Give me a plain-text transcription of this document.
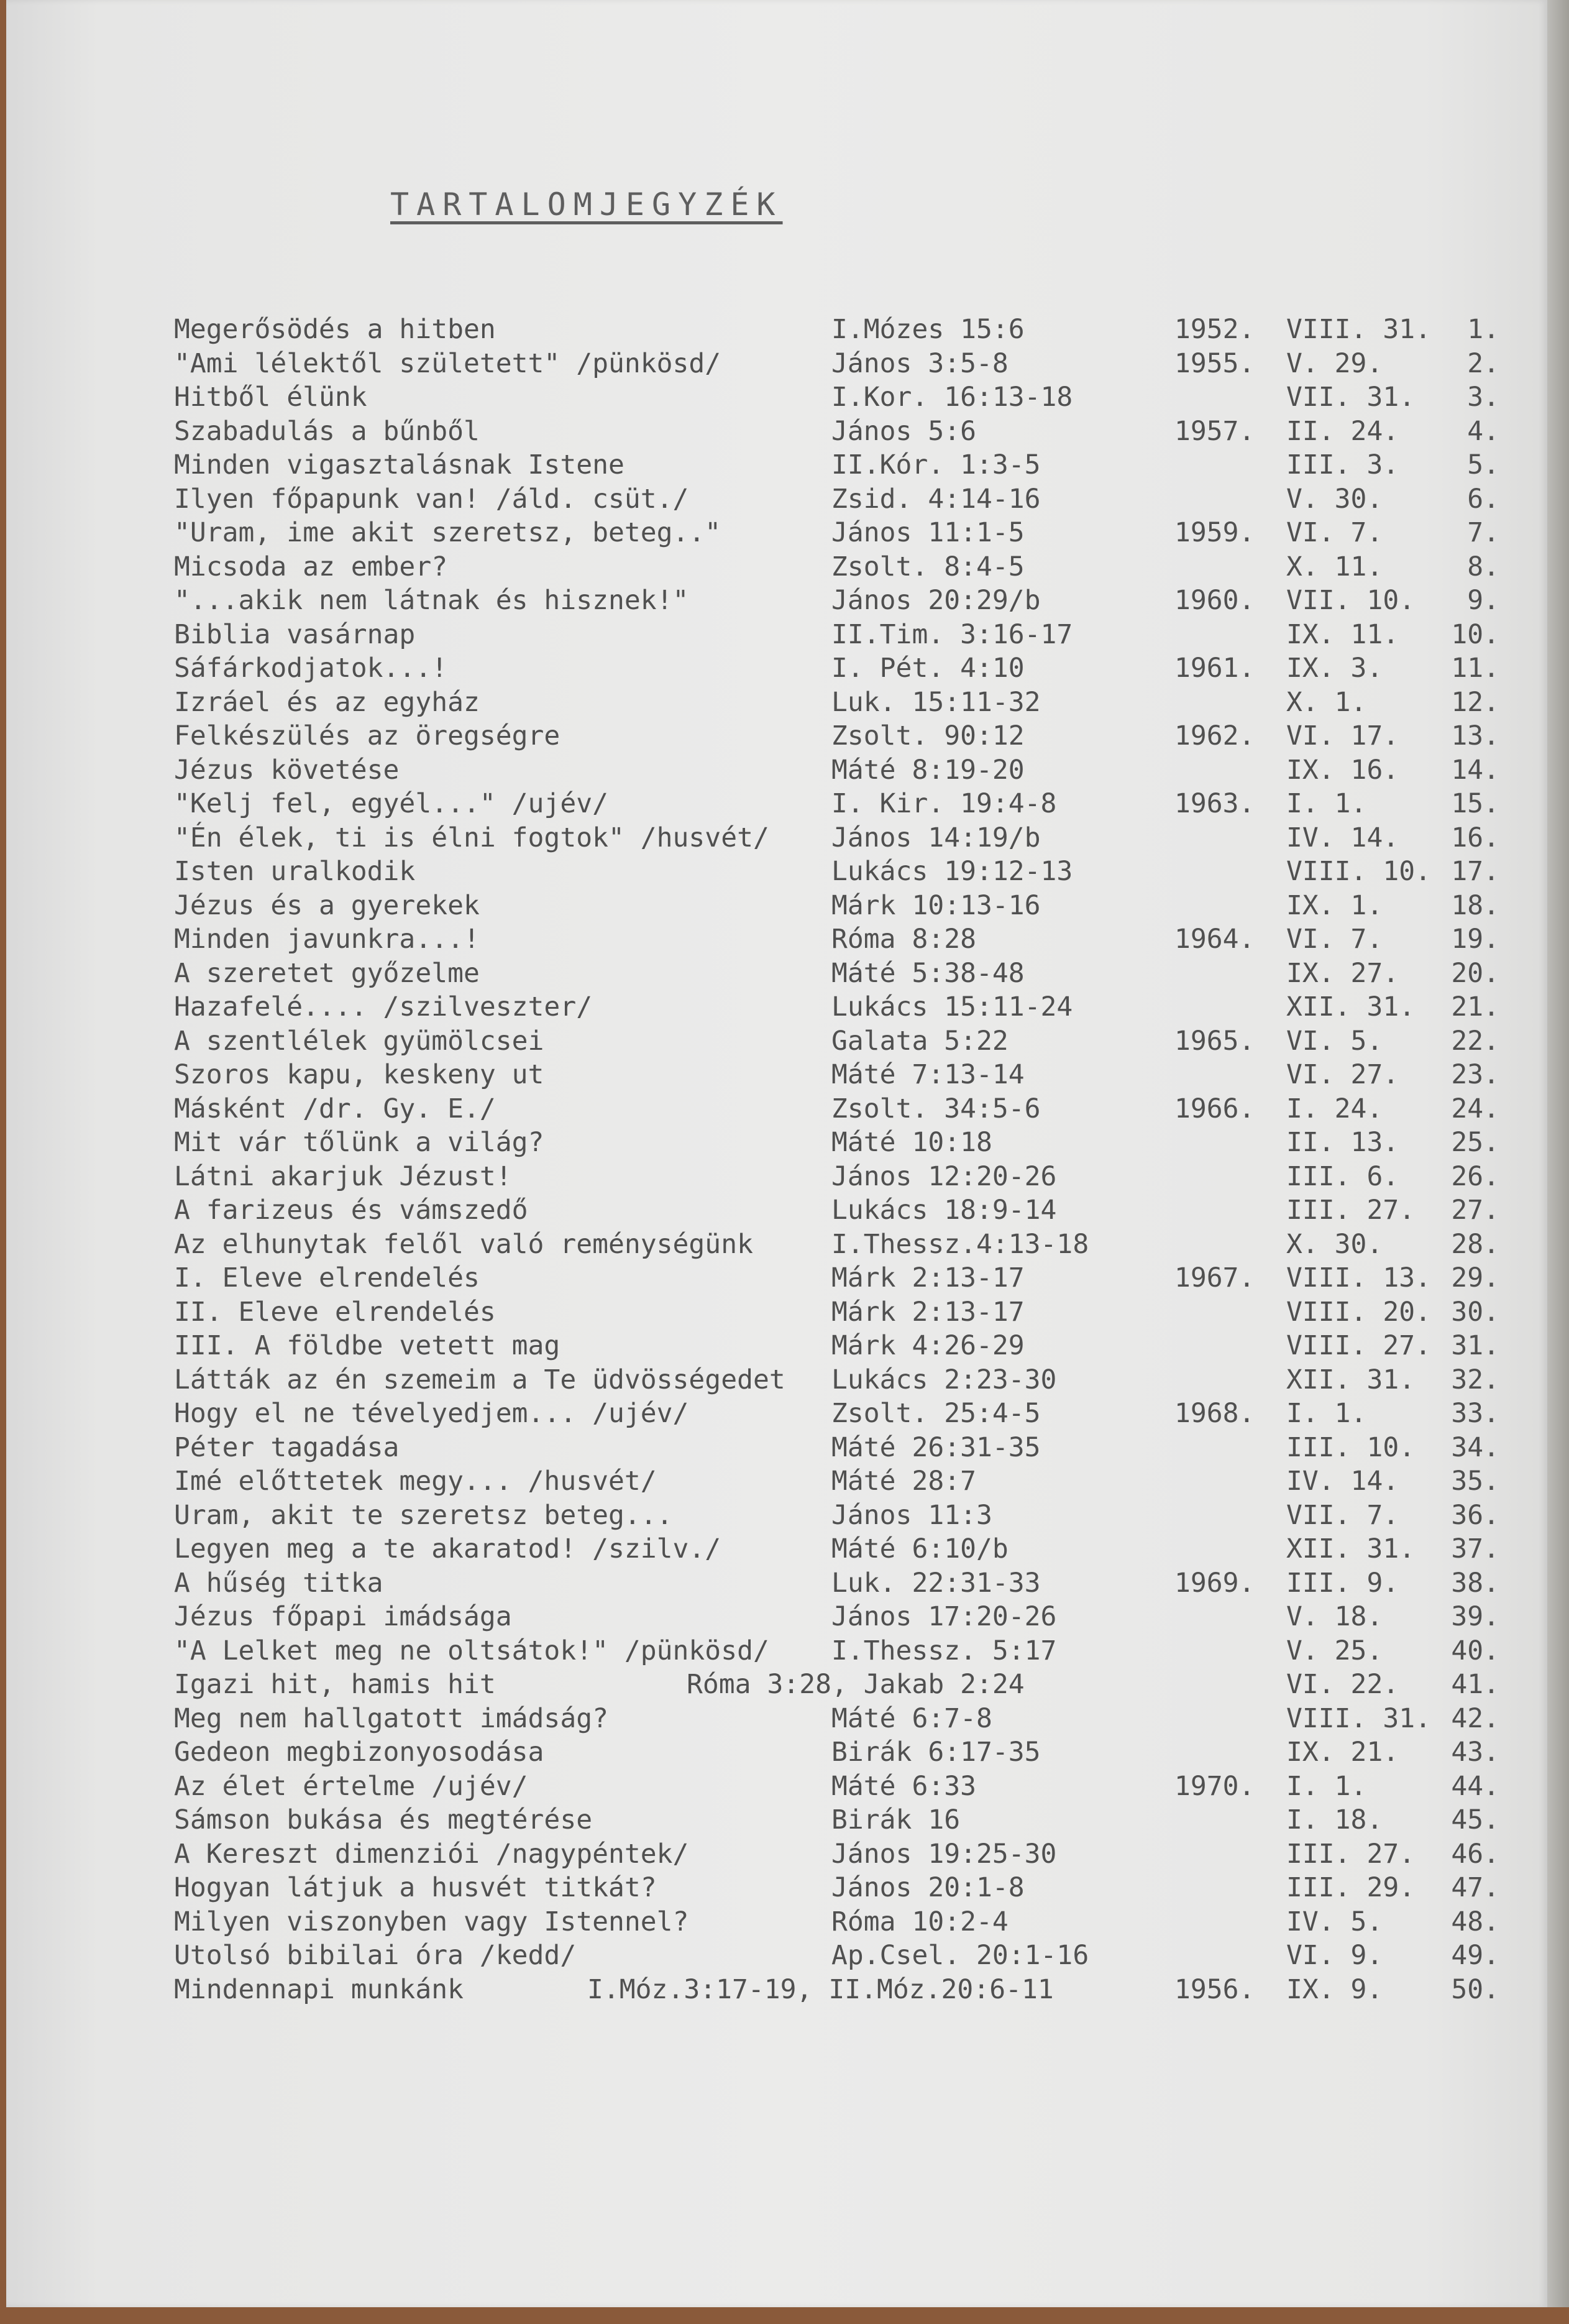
TARTALOMJEGYZÉK
Megerősödés a hitben	I.Mózes 15:6	1952. VIII. 31.	1.
"Ami lélektől született" /pünkösd/	János 3:5-8	1955. V. 29.	2.
Hitből élünk	I.Kor. 16:13-18	VII. 31.	3.
Szabadulás a bűnből	János 5:6	1957. II. 24.	4.
Minden vigasztalásnak Istene	II.Kór. 1:3-5	III. 3.	5.
Ilyen főpapunk van! /áld. csüt./	Zsid. 4:14-16	V. 30.	6.
"Uram, ime akit szeretsz, beteg.."	János 11:1-5	1959. VI. 7.	7.
Micsoda az ember?	Zsolt. 8:4-5	X. 11.	8.
"...akik nem látnak és hisznek!"	János 20:29/b	1960. VII. 10.	9.
Biblia vasárnap	II.Tim. 3:16-17	IX. 11.	10.
Sáfárkodjatok...!	I. Pét. 4:10	1961. IX. 3.	11.
Izráel és az egyház	Luk. 15:11-32	X. 1.	12.
Felkészülés az öregségre	Zsolt. 90:12	1962. VI. 17.	13.
Jézus követése	Máté 8:19-20	IX. 16.	14.
"Kelj fel, egyél..." /ujév/	I. Kir. 19:4-8	1963. I. 1.	15.
"Én élek, ti is élni fogtok" /husvét/ János 14:19/b	IV. 14.	16.
Isten uralkodik	Lukács 19:12-13	VIII. 10. 17.
Jézus és a gyerekek	Márk 10:13-16	IX. 1.	18.
Minden javunkra...!	Róma 8:28	1964. VI. 7.	19.
A szeretet győzelme	Máté 5:38-48	IX. 27.	20.
Hazafelé.... /szilveszter/	Lukács 15:11-24	XII. 31.	21.
A szentlélek gyümölcsei	Galata 5:22	1965. VI. 5.	22.
Szoros kapu, keskeny ut	Máté 7:13-14	VI. 27.	23.
Másként /dr. Gy. E./	Zsolt. 34:5-6	1966. I. 24.	24.
Mit vár tőlünk a világ?	Máté 10:18	II. 13.	25.
Látni akarjuk Jézust!	János 12:20-26	III. 6.	26.
A farizeus és vámszedő	Lukács 18:9-14	III. 27.	27.
Az elhunytak felől való reménységünk	I.Thessz.4:13-18	X. 30.	28.
I. Eleve elrendelés	Márk 2:13-17	1967. VIII. 13. 29.
II. Eleve elrendelés	Márk 2:13-17	VIII. 20. 30.
III. A földbe vetett mag	Márk 4:26-29	VIII. 27. 31.
Látták az én szemeim a Te üdvösségedet Lukács 2:23-30	XII. 31.	32.
Hogy el ne tévelyedjem... /ujév/	Zsolt. 25:4-5	1968. I. 1.	33.
Péter tagadása	Máté 26:31-35	III. 10.	34.
Imé előttetek megy... /husvét/	Máté 28:7	IV. 14.	35.
Uram, akit te szeretsz beteg...	János 11:3	VII. 7.	36.
Legyen meg a te akaratod! /szilv./	Máté 6:10/b	XII. 31.	37.
A hűség titka	Luk. 22:31-33	1969. III. 9.	38.
Jézus főpapi imádsága	János 17:20-26	V. 18.	39.
"A Lelket meg ne oltsátok!" /pünkösd/ I.Thessz. 5:17	V. 25.	40.
Igazi hit, hamis hit	Róma 3:28, Jakab 2:24	VI. 22.	41.
Meg nem hallgatott imádság?	Máté 6:7-8	VIII. 31. 42.
Gedeon megbizonyosodása	Birák 6:17-35	IX. 21.	43.
Az élet értelme /ujév/	Máté 6:33	1970. I. 1.	44.
Sámson bukása és megtérése	Birák 16	I. 18.	45.
A Kereszt dimenziói /nagypéntek/	János 19:25-30	III. 27.	46.
Hogyan látjuk a husvét titkát?	János 20:1-8	III. 29.	47.
Milyen viszonyben vagy Istennel?	Róma 10:2-4	IV. 5.	48.
Utolsó bibilai óra /kedd/	Ap.Csel. 20:1-16	VI. 9.	49.
Mindennapi munkánk	I.Móz.3:17-19, II.Móz.20:6-11	1956. IX. 9.	50.
